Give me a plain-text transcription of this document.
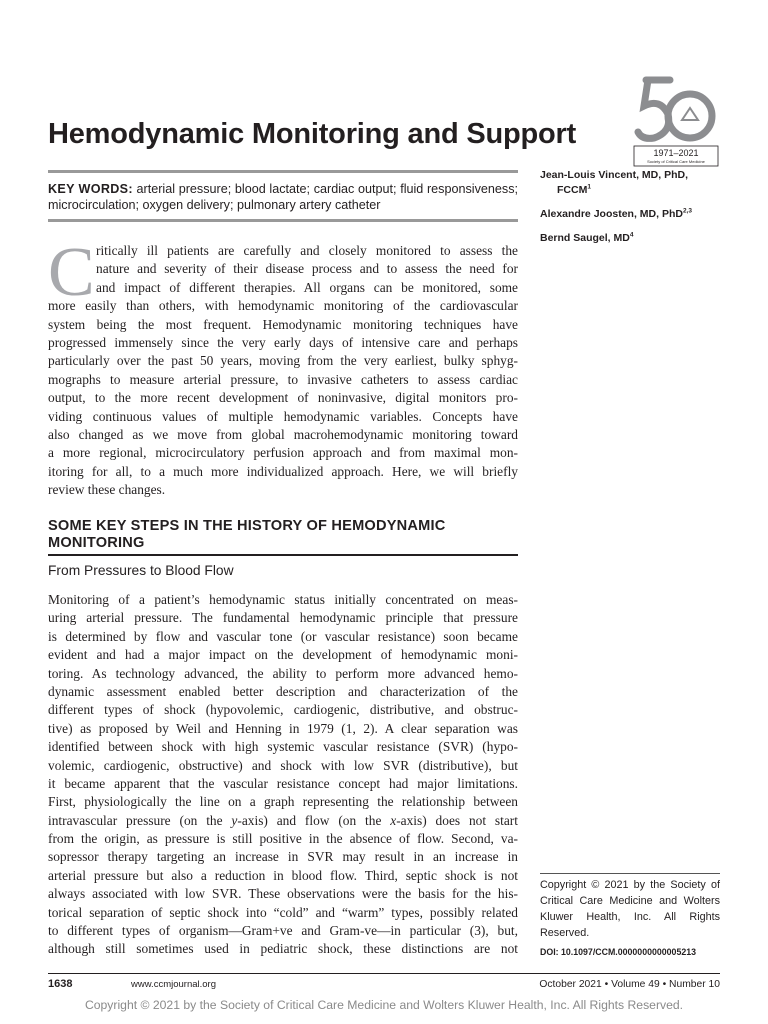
Hemodynamic Monitoring and Support
1971–2021
Society of Critical Care Medicine
KEY WORDS: arterial pressure; blood lactate; cardiac output; fluid responsiveness; microcirculation; oxygen delivery; pulmonary artery catheter
Jean-Louis Vincent, MD, PhD,
FCCM$^1$
Alexandre Joosten, MD, PhD$^{2,3}$
Bernd Saugel, $MD^4$
C ritically ill patients are carefully and closely monitored to assess the
nature and severity of their disease process and to assess the need for
and impact of different therapies. All organs can be monitored, some
more easily than others, with hemodynamic monitoring of the cardiovascular
system being the most frequent. Hemodynamic monitoring techniques have
progressed immensely since the very early days of intensive care and perhaps
particularly over the past 50 years, moving from the very earliest, bulky sphyg-
mographs to measure arterial pressure, to invasive catheters to assess cardiac
output, to the more recent development of noninvasive, digital monitors pro-
viding continuous values of multiple hemodynamic variables. Concepts have
also changed as we move from global macrohemodynamic monitoring toward
a more regional, microcirculatory perfusion approach and from maximal mon-
itoring for all, to a much more individualized approach. Here, we will briefly
review these changes.
SOME KEY STEPS IN THE HISTORY OF HEMODYNAMIC
MONITORING
From Pressures to Blood Flow
Monitoring of a patient’s hemodynamic status initially concentrated on meas-
uring arterial pressure. The fundamental hemodynamic principle that pressure
is determined by flow and vascular tone (or vascular resistance) soon became
evident and had a major impact on the development of hemodynamic moni-
toring. As technology advanced, the ability to perform more advanced hemo-
dynamic assessment enabled better description and characterization of the
different types of shock (hypovolemic, cardiogenic, distributive, and obstruc-
tive) as proposed by Weil and Henning in 1979 (1, 2). A clear separation was
identified between shock with high systemic vascular resistance (SVR) (hypo-
volemic, cardiogenic, obstructive) and shock with low SVR (distributive), but
it became apparent that the vascular resistance concept had major limitations.
First, physiologically the line on a graph representing the relationship between
intravascular pressure (on the y-axis) and flow (on the x-axis) does not start
from the origin, as pressure is still positive in the absence of flow. Second, va-
sopressor therapy targeting an increase in SVR may result in an increase in
arterial pressure but also a reduction in blood flow. Third, septic shock is not
always associated with low SVR. These observations were the basis for the his-
torical separation of septic shock into “cold” and “warm” types, possibly related
to different types of organism—Gram+ve and Gram-ve—in particular (3), but,
although still sometimes used in pediatric shock, these distinctions are not
Copyright © 2021 by the Society of Critical Care Medicine and Wolters Kluwer Health, Inc. All Rights Reserved.
DOI: 10.1097/CCM.0000000000005213
1638	www.ccmjournal.org	October 2021 • Volume 49 • Number 10
Copyright © 2021 by the Society of Critical Care Medicine and Wolters Kluwer Health, Inc. All Rights Reserved.
